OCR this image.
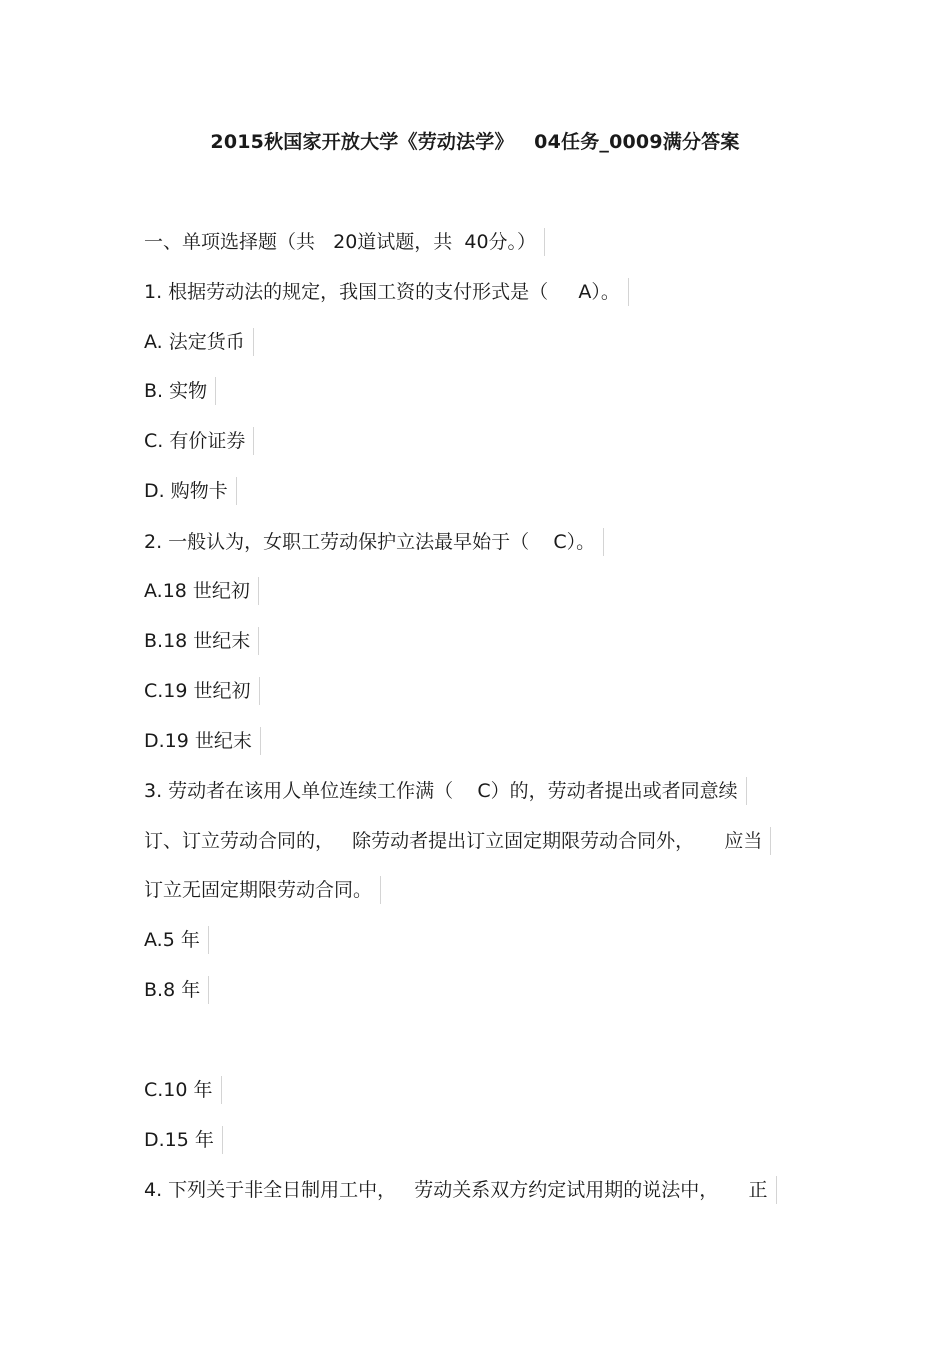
2015秋国家开放大学《劳动法学》   04任务_0009满分答案
一、单项选择题（共   20道试题，共  40分。）
1. 根据劳动法的规定，我国工资的支付形式是（     A）。
A. 法定货币
B. 实物
C. 有价证券
D. 购物卡
2. 一般认为，女职工劳动保护立法最早始于（    C）。
A.18 世纪初
B.18 世纪末
C.19 世纪初
D.19 世纪末
3. 劳动者在该用人单位连续工作满（    C）的，劳动者提出或者同意续
订、订立劳动合同的，   除劳动者提出订立固定期限劳动合同外，     应当
订立无固定期限劳动合同。
A.5 年
B.8 年
C.10 年
D.15 年
4. 下列关于非全日制用工中，   劳动关系双方约定试用期的说法中，     正
